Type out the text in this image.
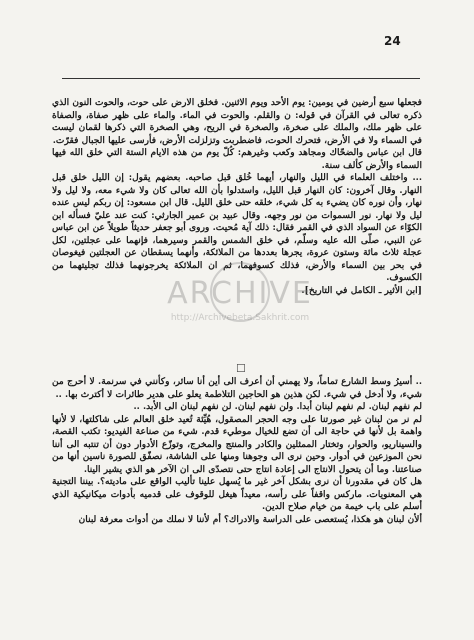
24

فجعلها سبع أرضين في يومين: يوم الأحد ويوم الاثنين. فخلق الارض على حوت، والحوت النون الذي ذكره تعالى في القرآن في قوله: ن والقلم. والحوت في الماء. والماء على ظهر صفاة، والصفاة على ظهر ملك، والملك على صخرة، والصخرة في الريح، وهي الصخرة التي ذكرها لقمان ليست في السماء ولا في الأرض، فتحرك الحوت، فاضطربت وتزلزلت الأرض، فأرسى عليها الجبال فقرّت.

قال ابن عباس والضحّاك ومجاهد وكعب وغيرهم: كُلّ يوم من هذه الايام الستة التي خلق الله فيها السماء والأرض كألف سنة.

... واختلف العلماء في الليل والنهار، أيهما خُلق قبل صاحبه. بعضهم يقول: إن الليل خلق قبل النهار. وقال آخرون: كان النهار قبل الليل، واستدلوا بأن الله تعالى كان ولا شيء معه، ولا ليل ولا نهار، وأن نوره كان يضيء به كل شيء، خلقه حتى خلق الليل. قال ابن مسعود: إن ربكم ليس عنده ليل ولا نهار. نور السموات من نور وجهه. وقال عبيد بن عمير الجارثي: كنت عند عليّ فسأله ابن الكوّاء عن السواد الذي في القمر فقال: ذلك آية مُحيت. وروى أبو جعفر حديثاً طويلاً عن ابن عباس عن النبي، صلّى الله عليه وسلّم، في خلق الشمس والقمر وسيرهما، فإنهما على عجلتين، لكل عجلة ثلاث مائة وستون عروة، يجرها بعددها من الملائكة، وأنهما يسقطان عن العجلتين فيغوصان في بحر بين السماء والأرض، فذلك كسوفهما، ثم ان الملائكة يخرجونهما فذلك تجليتهما من الكسوف.

[ابن الأثير ـ الكامل في التاريخ].

ARCHIVE
http://Archivebeta.Sakhrit.com
☐

.. أسيرُ وسط الشارع تماماً، ولا يهمني أن أعرف الى أين أنا سائر، وكأنني في سرنمة. لا أحرج من شيء، ولا أدخل في شيء. لكن هذين هو الحاجين التلاطمة يعلو على هدير طائرات لا أكترث بها. ..

لم نفهم لبنان. لم نفهم لبنان أبدا. ولن نفهم لبنان. لن نفهم لبنان الى الأبد. ..

لم نر من لبنان غير صورتنا على وجه الحجر المصقول، هُيِّئة تُعيد خلق العالم على شاكلتها، لا لأنها واهمة بل لأنها في حاجة الى أن تضع للخيال موطيء قدم. شيء من صناعة الفيديو: تكتب القصة، والسيناريو، والحوار، وتختار الممثلين والكادر والمنتج والمخرج، وتوزّع الأدوار دون أن تنتبه الى أننا نحن الموزعين في أدوار. وحين نرى الى وجوهنا ومنها على الشاشة، نصفّق للصورة ناسين أنها من صناعتنا. وما أن يتحول الانتاج الى إعادة انتاج حتى نتصدّى الى ان الآخر هو الذي يشير الينا.

هل كان في مقدورنا أن نرى بشكل آخر غير ما يُسهل علينا تأليب الواقع على ماديته؟. بيننا التجنية هي المعنويات. ماركس واقفاً على رأسه، معيداً هيغل للوقوف على قدميه بأدوات ميكانيكية الذي أسلم على باب خيمة من خيام صلاح الدين.

ألأن لبنان هو هكذا، يُستعصى على الدراسة والادراك؟ أم لأننا لا نملك من أدوات معرفة لبنان
